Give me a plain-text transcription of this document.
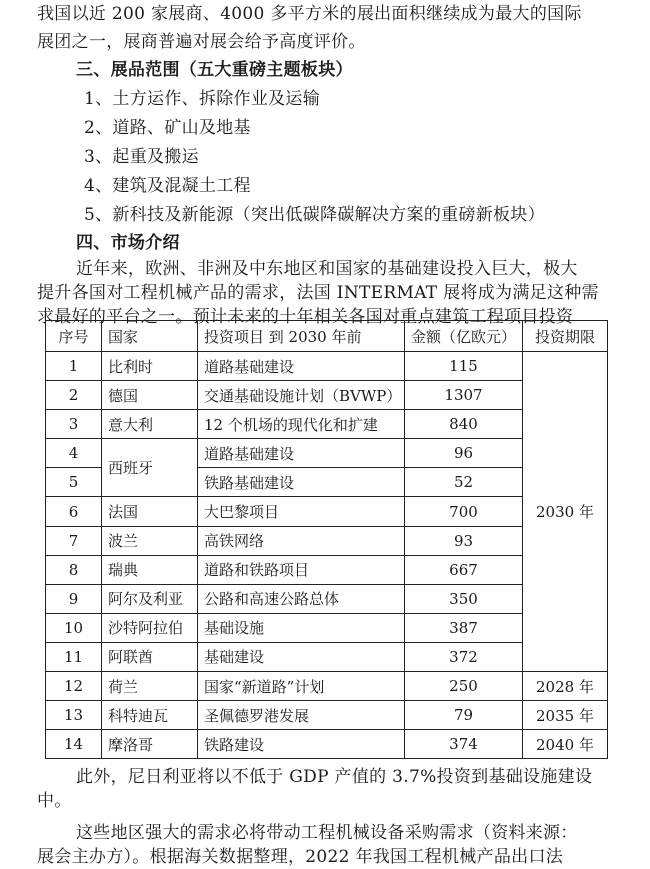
我国以近 200 家展商、4000 多平方米的展出面积继续成为最大的国际
展团之一，展商普遍对展会给予高度评价。
三、展品范围（五大重磅主题板块）
1、土方运作、拆除作业及运输
2、道路、矿山及地基
3、起重及搬运
4、建筑及混凝土工程
5、新科技及新能源（突出低碳降碳解决方案的重磅新板块）
四、市场介绍
近年来，欧洲、非洲及中东地区和国家的基础建设投入巨大，极大
提升各国对工程机械产品的需求，法国 INTERMAT 展将成为满足这种需
求最好的平台之一。预计未来的十年相关各国对重点建筑工程项目投资
序号	国家	投资项目 到 2030 年前	金额（亿欧元）	投资期限
1	比利时	道路基础建设	115	2030 年
2	德国	交通基础设施计划（BVWP）	1307	
3	意大利	12 个机场的现代化和扩建	840	
4	西班牙	道路基础建设	96	
5		铁路基础建设	52	
6	法国	大巴黎项目	700	
7	波兰	高铁网络	93	
8	瑞典	道路和铁路项目	667	
9	阿尔及利亚	公路和高速公路总体	350	
10	沙特阿拉伯	基础设施	387	
11	阿联酋	基础建设	372	
12	荷兰	国家“新道路”计划	250	2028 年
13	科特迪瓦	圣佩德罗港发展	79	2035 年
14	摩洛哥	铁路建设	374	2040 年
此外，尼日利亚将以不低于 GDP 产值的 3.7%投资到基础设施建设
中。
这些地区强大的需求必将带动工程机械设备采购需求（资料来源：
展会主办方）。根据海关数据整理，2022 年我国工程机械产品出口法
